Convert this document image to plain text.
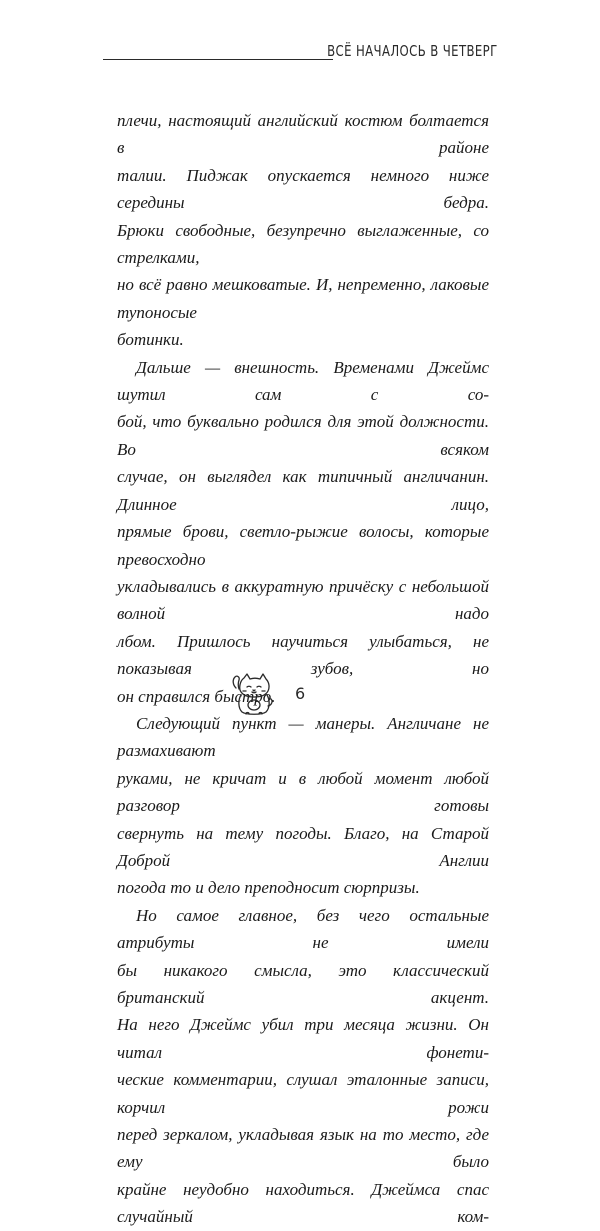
ВСЁ НАЧАЛОСЬ В ЧЕТВЕРГ

плечи, настоящий английский костюм болтается в районе
талии. Пиджак опускается немного ниже середины бедра.
Брюки свободные, безупречно выглаженные, со стрелками,
но всё равно мешковатые. И, непременно, лаковые тупоносые
ботинки.

Дальше — внешность. Временами Джеймс шутил сам с со-
бой, что буквально родился для этой должности. Во всяком
случае, он выглядел как типичный англичанин. Длинное лицо,
прямые брови, светло-рыжие волосы, которые превосходно
укладывались в аккуратную причёску с небольшой волной надо
лбом. Пришлось научиться улыбаться, не показывая зубов, но
он справился быстро.

Следующий пункт — манеры. Англичане не размахивают
руками, не кричат и в любой момент любой разговор готовы
свернуть на тему погоды. Благо, на Старой Доброй Англии
погода то и дело преподносит сюрпризы.

Но самое главное, без чего остальные атрибуты не имели
бы никакого смысла, это классический британский акцент.
На него Джеймс убил три месяца жизни. Он читал фонети-
ческие комментарии, слушал эталонные записи, корчил рожи
перед зеркалом, укладывая язык на то место, где ему было
крайне неудобно находиться. Джеймса спас случайный ком-

6
